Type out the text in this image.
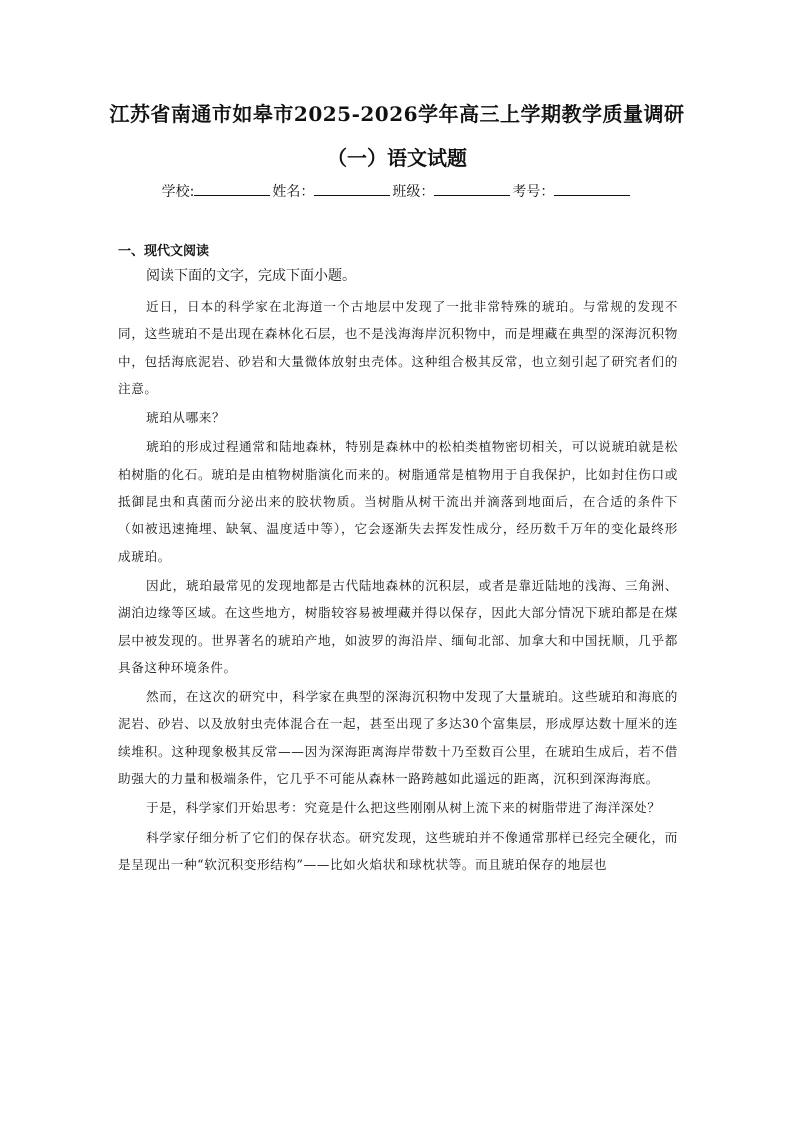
江苏省南通市如皋市2025-2026学年高三上学期教学质量调研
（一）语文试题
学校:	姓名：	班级：	考号：
一、现代文阅读

阅读下面的文字，完成下面小题。

近日，日本的科学家在北海道一个古地层中发现了一批非常特殊的琥珀。与常规的发现不同，这些琥珀不是出现在森林化石层，也不是浅海海岸沉积物中，而是埋藏在典型的深海沉积物中，包括海底泥岩、砂岩和大量微体放射虫壳体。这种组合极其反常，也立刻引起了研究者们的注意。

琥珀从哪来？

琥珀的形成过程通常和陆地森林，特别是森林中的松柏类植物密切相关，可以说琥珀就是松柏树脂的化石。琥珀是由植物树脂演化而来的。树脂通常是植物用于自我保护，比如封住伤口或抵御昆虫和真菌而分泌出来的胶状物质。当树脂从树干流出并滴落到地面后，在合适的条件下（如被迅速掩埋、缺氧、温度适中等），它会逐渐失去挥发性成分，经历数千万年的变化最终形成琥珀。

因此，琥珀最常见的发现地都是古代陆地森林的沉积层，或者是靠近陆地的浅海、三角洲、湖泊边缘等区域。在这些地方，树脂较容易被埋藏并得以保存，因此大部分情况下琥珀都是在煤层中被发现的。世界著名的琥珀产地，如波罗的海沿岸、缅甸北部、加拿大和中国抚顺，几乎都具备这种环境条件。

然而，在这次的研究中，科学家在典型的深海沉积物中发现了大量琥珀。这些琥珀和海底的泥岩、砂岩、以及放射虫壳体混合在一起，甚至出现了多达30个富集层，形成厚达数十厘米的连续堆积。这种现象极其反常——因为深海距离海岸带数十乃至数百公里，在琥珀生成后，若不借助强大的力量和极端条件，它几乎不可能从森林一路跨越如此遥远的距离，沉积到深海海底。

于是，科学家们开始思考：究竟是什么把这些刚刚从树上流下来的树脂带进了海洋深处？

科学家仔细分析了它们的保存状态。研究发现，这些琥珀并不像通常那样已经完全硬化，而是呈现出一种“软沉积变形结构”——比如火焰状和球枕状等。而且琥珀保存的地层也
